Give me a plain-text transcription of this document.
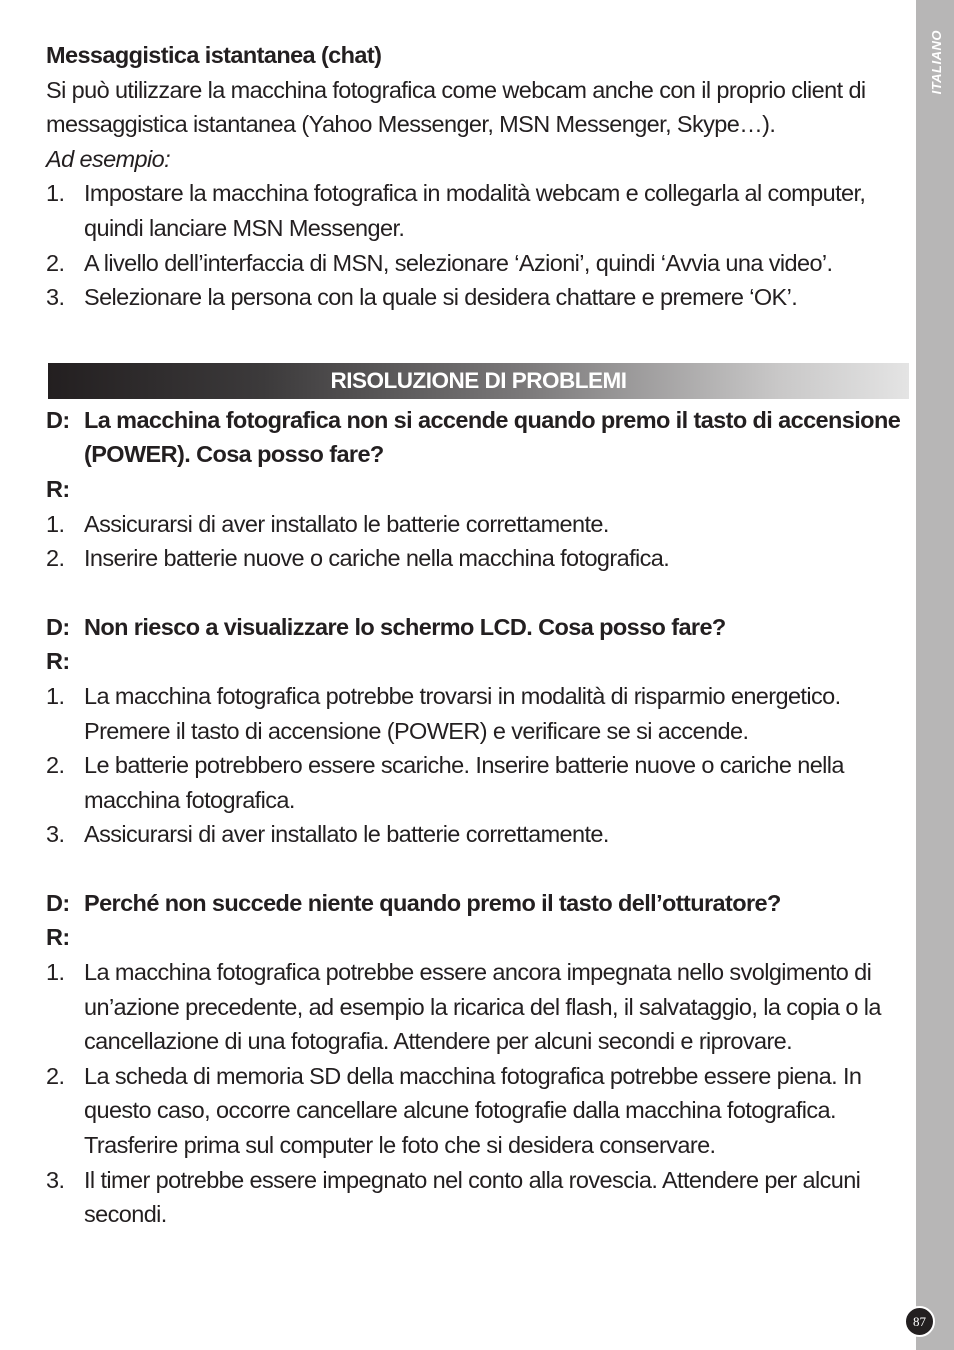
ITALIANO
87
RISOLUZIONE DI PROBLEMI

Messaggistica istantanea (chat)

Si può utilizzare la macchina fotografica come webcam anche con il proprio client di messaggistica istantanea (Yahoo Messenger, MSN Messenger, Skype…).

Ad esempio:

1. Impostare la macchina fotografica in modalità webcam e collegarla al computer, quindi lanciare MSN Messenger.
2. A livello dell’interfaccia di MSN, selezionare ‘Azioni’, quindi ‘Avvia una video’.
3. Selezionare la persona con la quale si desidera chattare e premere ‘OK’.
D: La macchina fotografica non si accende quando premo il tasto di accensione (POWER). Cosa posso fare?

R:

1. Assicurarsi di aver installato le batterie correttamente.
2. Inserire batterie nuove o cariche nella macchina fotografica.
D: Non riesco a visualizzare lo schermo LCD. Cosa posso fare?

R:

1. La macchina fotografica potrebbe trovarsi in modalità di risparmio energetico. Premere il tasto di accensione (POWER) e verificare se si accende.
2. Le batterie potrebbero essere scariche. Inserire batterie nuove o cariche nella macchina fotografica.
3. Assicurarsi di aver installato le batterie correttamente.
D: Perché non succede niente quando premo il tasto dell’otturatore?

R:

1. La macchina fotografica potrebbe essere ancora impegnata nello svolgimento di un’azione precedente, ad esempio la ricarica del flash, il salvataggio, la copia o la cancellazione di una fotografia. Attendere per alcuni secondi e riprovare.
2. La scheda di memoria SD della macchina fotografica potrebbe essere piena. In questo caso, occorre cancellare alcune fotografie dalla macchina fotografica. Trasferire prima sul computer le foto che si desidera conservare.
3. Il timer potrebbe essere impegnato nel conto alla rovescia. Attendere per alcuni secondi.
